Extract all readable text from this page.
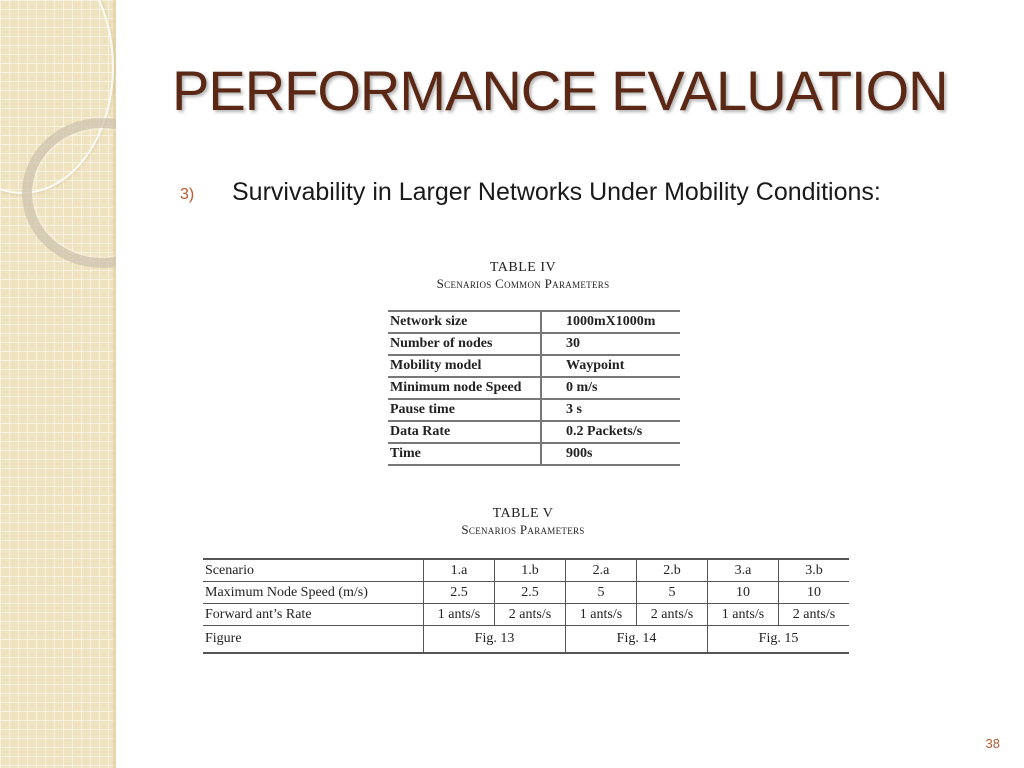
PERFORMANCE EVALUATION
3) Survivability in Larger Networks Under Mobility Conditions:
TABLE IV
Scenarios Common Parameters
Network size	1000mX1000m
Number of nodes	30
Mobility model	Waypoint
Minimum node Speed	0 m/s
Pause time	3 s
Data Rate	0.2 Packets/s
Time	900s
TABLE V
Scenarios Parameters
Scenario	1.a	1.b	2.a	2.b	3.a	3.b
Maximum Node Speed (m/s)	2.5	2.5	5	5	10	10
Forward ant’s Rate	1 ants/s	2 ants/s	1 ants/s	2 ants/s	1 ants/s	2 ants/s
Figure	Fig. 13		Fig. 14		Fig. 15	
38
